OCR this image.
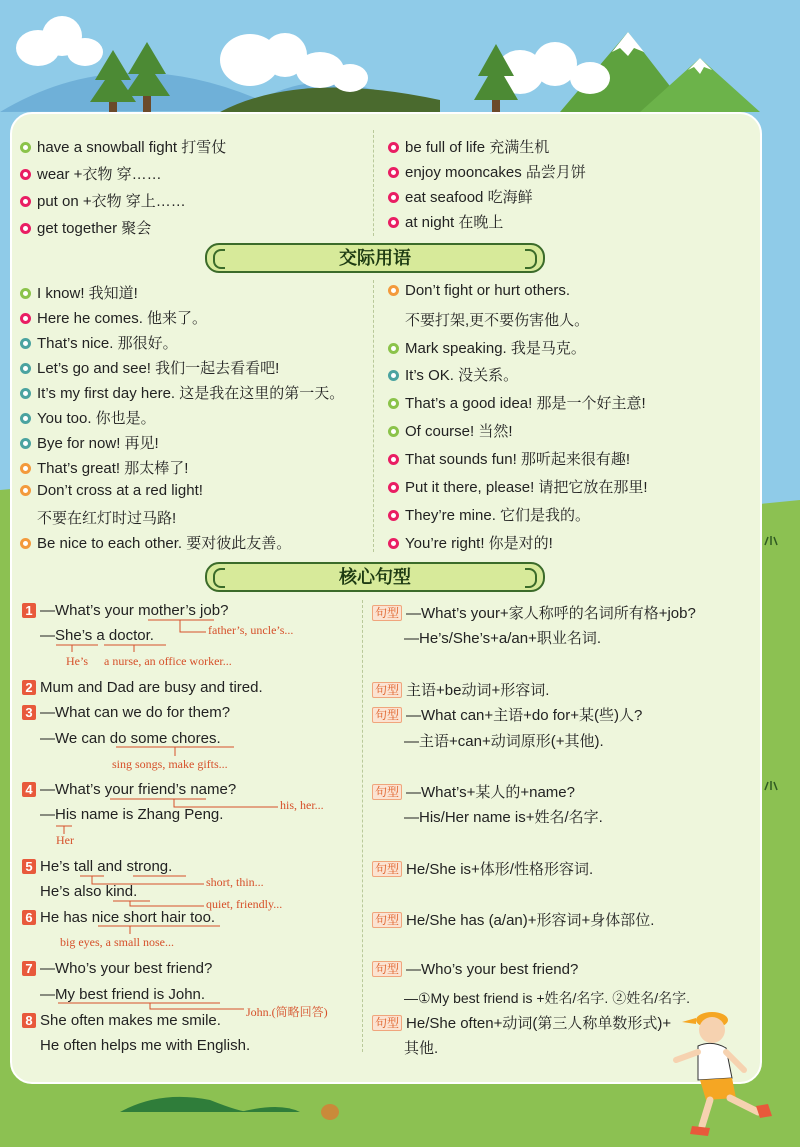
have a snowball fight 打雪仗
wear +衣物 穿……
put on +衣物 穿上……
get together 聚会
be full of life 充满生机
enjoy mooncakes 品尝月饼
eat seafood 吃海鲜
at night 在晚上
交际用语
I know! 我知道!
Here he comes. 他来了。
That’s nice. 那很好。
Let’s go and see! 我们一起去看看吧!
It’s my first day here. 这是我在这里的第一天。
You too. 你也是。
Bye for now! 再见!
That’s great! 那太棒了!
Don’t cross at a red light!
不要在红灯时过马路!
Be nice to each other. 要对彼此友善。
Don’t fight or hurt others.
不要打架,更不要伤害他人。
Mark speaking. 我是马克。
It’s OK. 没关系。
That’s a good idea! 那是一个好主意!
Of course! 当然!
That sounds fun! 那听起来很有趣!
Put it there, please! 请把它放在那里!
They’re mine. 它们是我的。
You’re right! 你是对的!
核心句型
1 —What’s your mother’s job?
—She’s a doctor.	father’s, uncle’s...
He’s a nurse, an office worker...
2 Mum and Dad are busy and tired.
3 —What can we do for them?
—We can do some chores.
sing songs, make gifts...
4 —What’s your friend’s name?
—His name is Zhang Peng.
his, her...
Her
5 He’s tall and strong.
He’s also kind.
short, thin...
quiet, friendly...
6 He has nice short hair too.
big eyes, a small nose...
7 —Who’s your best friend?
—My best friend is John.
John.(简略回答)
8 She often makes me smile.
He often helps me with English.
句型 —What’s your+家人称呼的名词所有格+job?
—He’s/She’s+a/an+职业名词.
句型 主语+be动词+形容词.
句型 —What can+主语+do for+某(些)人?
—主语+can+动词原形(+其他).
句型 —What’s+某人的+name?
—His/Her name is+姓名/名字.
句型 He/She is+体形/性格形容词.
句型 He/She has (a/an)+形容词+身体部位.
句型 —Who’s your best friend?
—①My best friend is +姓名/名字. ②姓名/名字.
句型 He/She often+动词(第三人称单数形式)+
其他.
